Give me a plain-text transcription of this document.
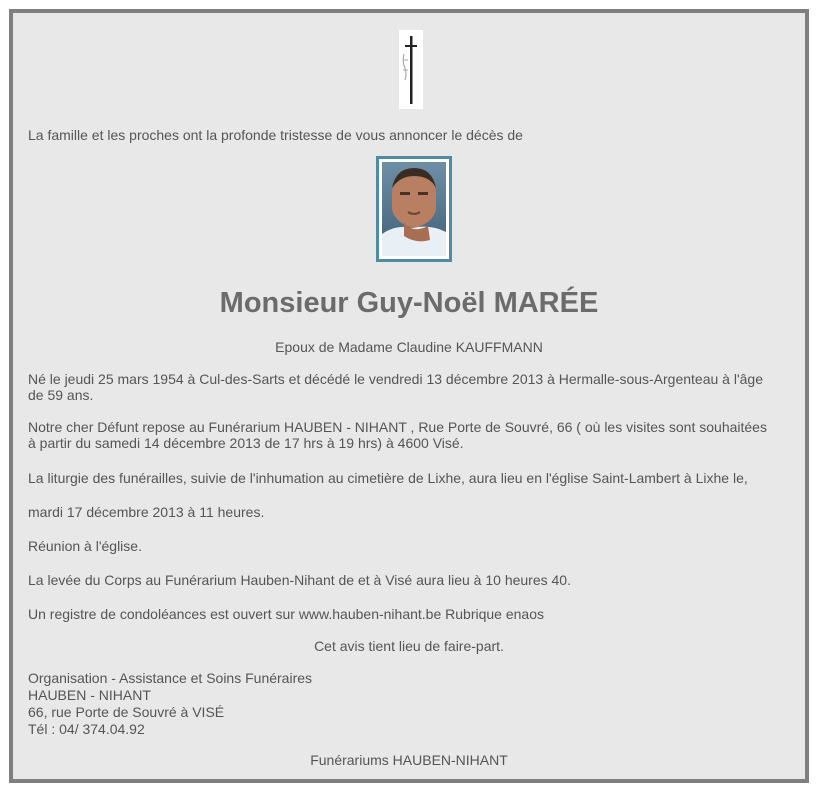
La famille et les proches ont la profonde tristesse de vous annoncer le décès de

Monsieur Guy-Noël MARÉE

Epoux de Madame Claudine KAUFFMANN

Né le jeudi 25 mars 1954 à Cul-des-Sarts et décédé le vendredi 13 décembre 2013 à Hermalle-sous-Argenteau à l'âge de 59 ans.

Notre cher Défunt repose au Funérarium HAUBEN - NIHANT , Rue Porte de Souvré, 66 ( où les visites sont souhaitées à partir du samedi 14 décembre 2013 de 17 hrs à 19 hrs) à 4600 Visé.

La liturgie des funérailles, suivie de l'inhumation au cimetière de Lixhe, aura lieu en l'église Saint-Lambert à Lixhe le,

mardi 17 décembre 2013 à 11 heures.

Réunion à l'église.

La levée du Corps au Funérarium Hauben-Nihant de et à Visé aura lieu à 10 heures 40.

Un registre de condoléances est ouvert sur www.hauben-nihant.be Rubrique enaos

Cet avis tient lieu de faire-part.

Organisation - Assistance et Soins Funéraires

HAUBEN - NIHANT

66, rue Porte de Souvré à VISÉ

Tél : 04/ 374.04.92

Funérariums HAUBEN-NIHANT
